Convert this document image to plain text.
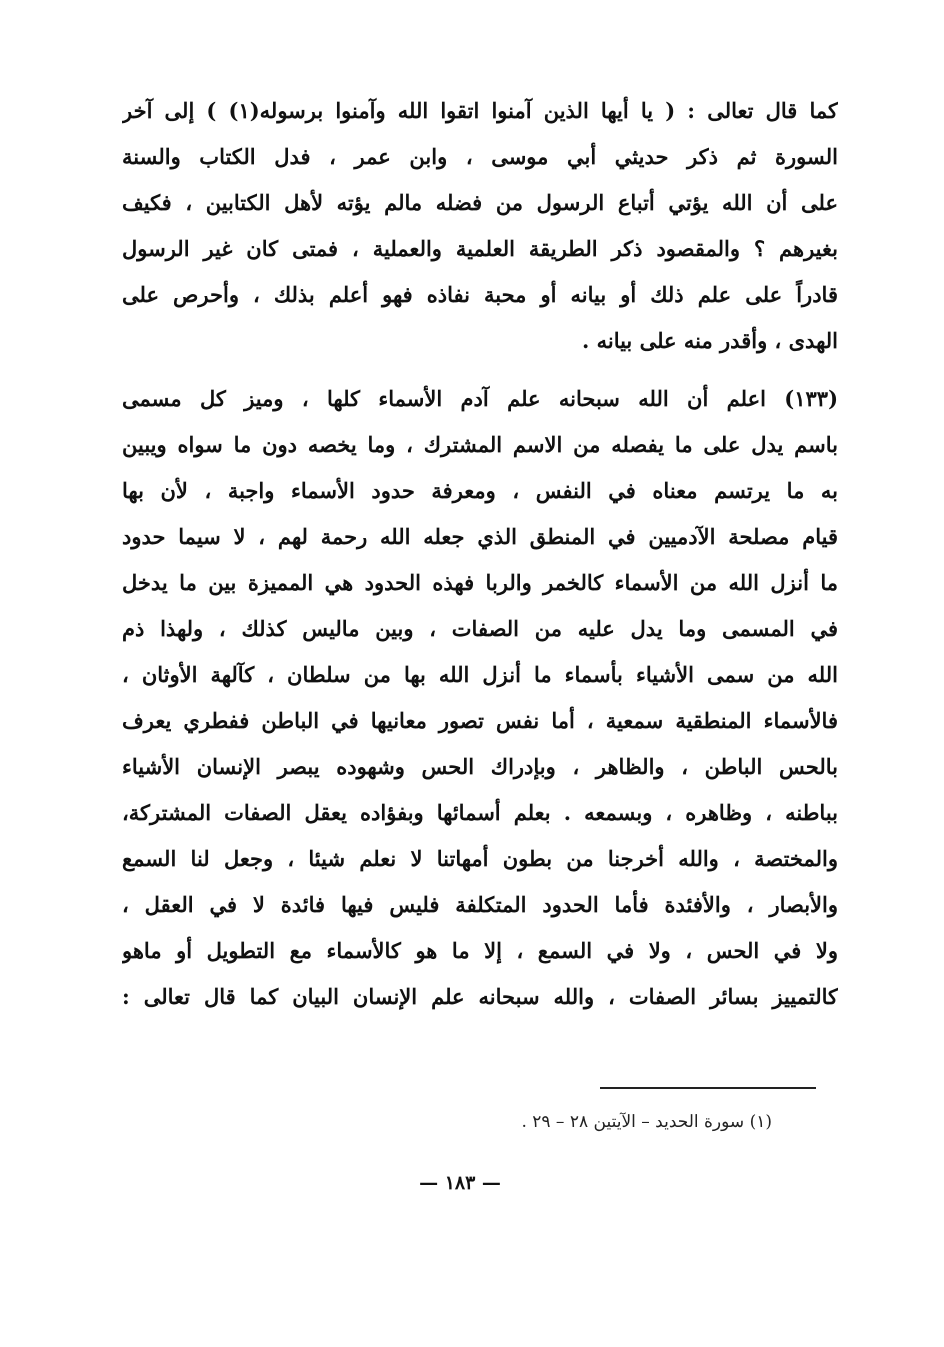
كما قال تعالى : ( يا أيها الذين آمنوا اتقوا الله وآمنوا برسوله(١) ) إلى آخر
السورة ثم ذكر حديثي أبي موسى ، وابن عمر ، فدل الكتاب والسنة
على أن الله يؤتي أتباع الرسول من فضله مالم يؤته لأهل الكتابين ، فكيف
بغيرهم ؟ والمقصود ذكر الطريقة العلمية والعملية ، فمتى كان غير الرسول
قادراً على علم ذلك أو بيانه أو محبة نفاذه فهو أعلم بذلك ، وأحرص على
الهدى ، وأقدر منه على بيانه .
(١٣٣) اعلم أن الله سبحانه علم آدم الأسماء كلها ، وميز كل مسمى
باسم يدل على ما يفصله من الاسم المشترك ، وما يخصه دون ما سواه ويبين
به ما يرتسم معناه في النفس ، ومعرفة حدود الأسماء واجبة ، لأن بها
قيام مصلحة الآدميين في المنطق الذي جعله الله رحمة لهم ، لا سيما حدود
ما أنزل الله من الأسماء كالخمر والربا فهذه الحدود هي المميزة بين ما يدخل
في المسمى وما يدل عليه من الصفات ، وبين ماليس كذلك ، ولهذا ذم
الله من سمى الأشياء بأسماء ما أنزل الله بها من سلطان ، كآلهة الأوثان ،
فالأسماء المنطقية سمعية ، أما نفس تصور معانيها في الباطن ففطري يعرف
بالحس الباطن ، والظاهر ، وبإدراك الحس وشهوده يبصر الإنسان الأشياء
بباطنه ، وظاهره ، وبسمعه . بعلم أسمائها وبفؤاده يعقل الصفات المشتركة،
والمختصة ، والله أخرجنا من بطون أمهاتنا لا نعلم شيئا ، وجعل لنا السمع
والأبصار ، والأفئدة فأما الحدود المتكلفة فليس فيها فائدة لا في العقل ،
ولا في الحس ، ولا في السمع ، إلا ما هو كالأسماء مع التطويل أو ماهو
كالتمييز بسائر الصفات ، والله سبحانه علم الإنسان البيان كما قال تعالى :
(١) سورة الحديد – الآيتين ٢٨ – ٢٩ .
— ١٨٣ —
